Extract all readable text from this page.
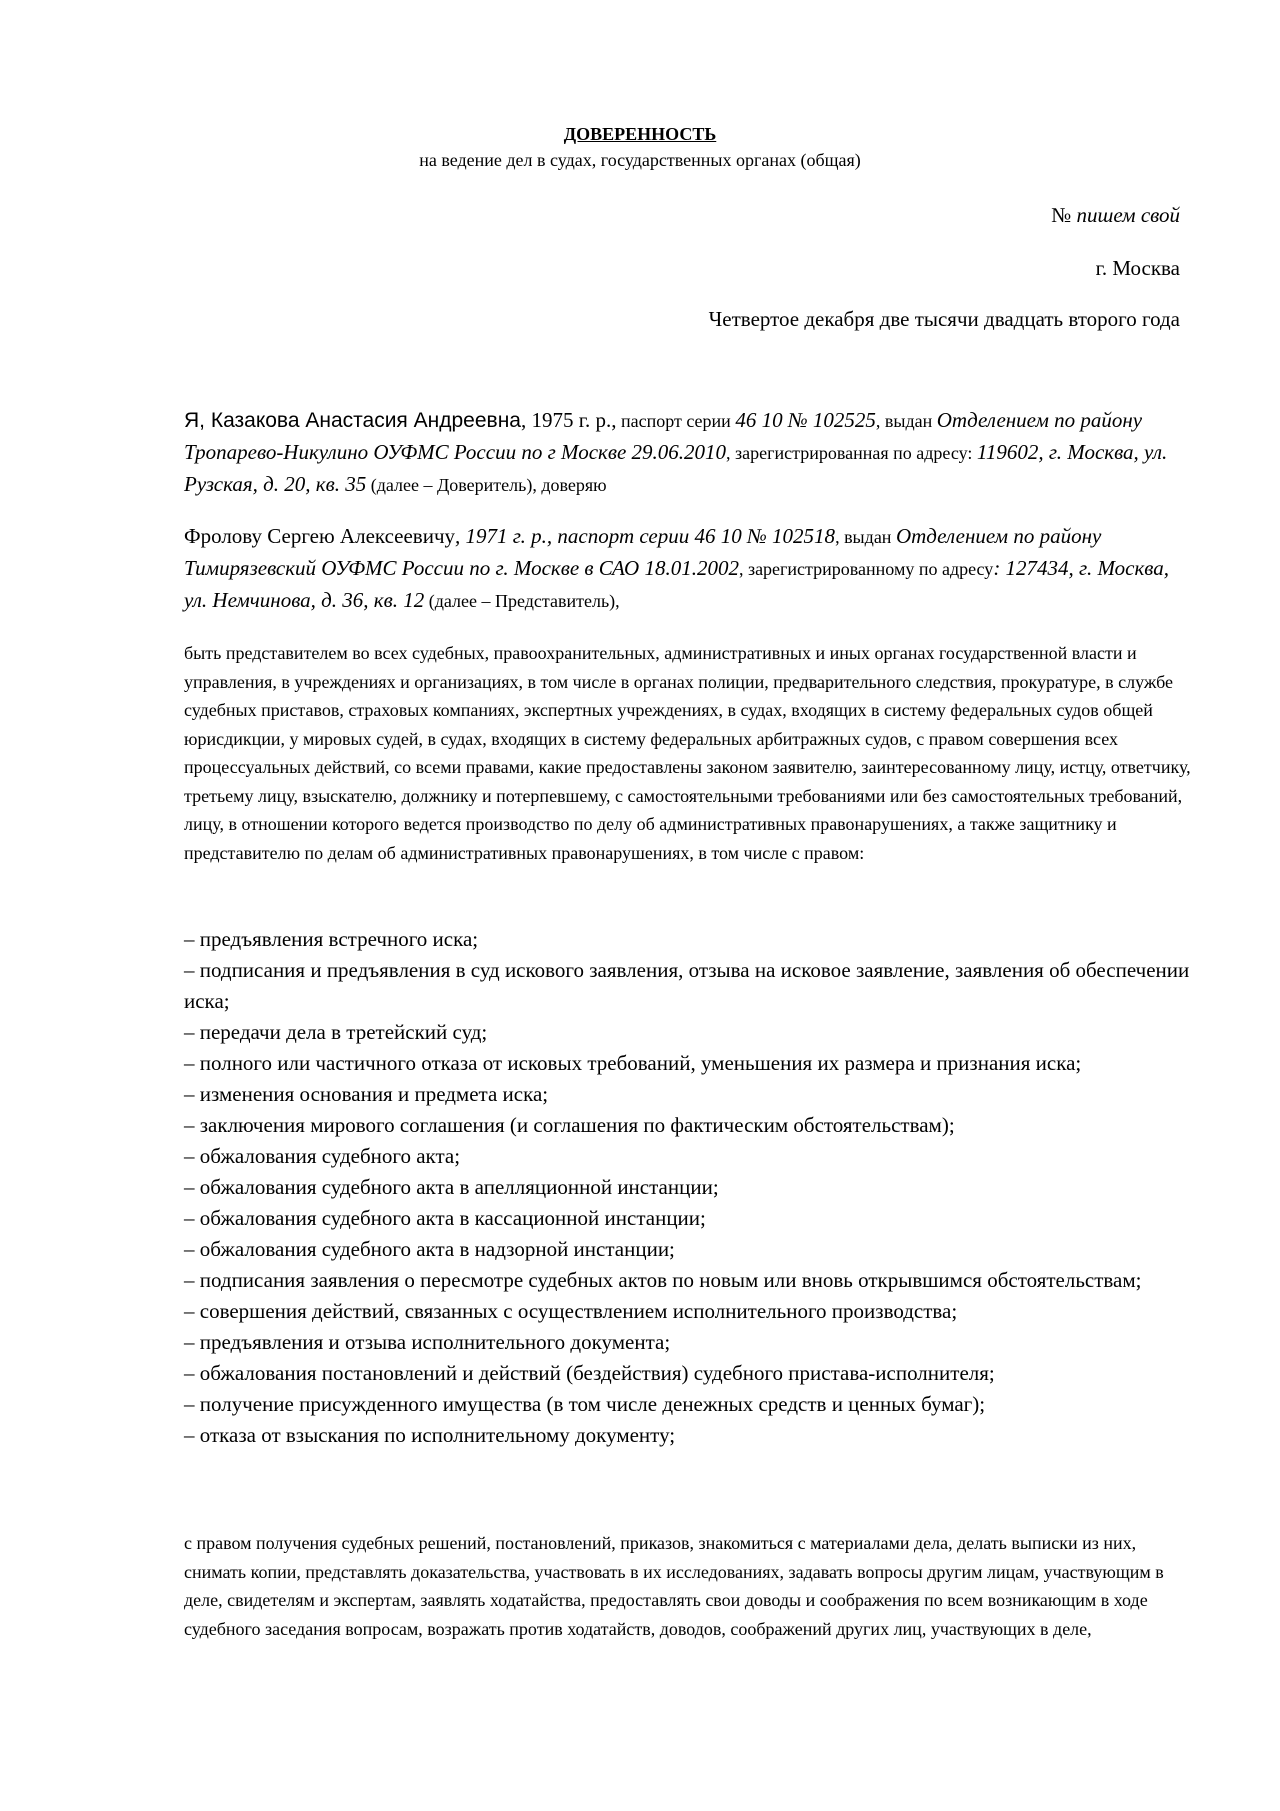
ДОВЕРЕННОСТЬ
на ведение дел в судах, государственных органах (общая)
№ пишем свой
г. Москва
Четвертое декабря две тысячи двадцать второго года
Я, Казакова Анастасия Андреевна, 1975 г. р., паспорт серии 46 10 № 102525, выдан Отделением по району Тропарево-Никулино ОУФМС России по г Москве 29.06.2010, зарегистрированная по адресу: 119602, г. Москва, ул. Рузская, д. 20, кв. 35 (далее – Доверитель), доверяю
Фролову Сергею Алексеевичу, 1971 г. р., паспорт серии 46 10 № 102518, выдан Отделением по району Тимирязевский ОУФМС России по г. Москве в САО 18.01.2002, зарегистрированному по адресу: 127434, г. Москва, ул. Немчинова, д. 36, кв. 12 (далее – Представитель),
быть представителем во всех судебных, правоохранительных, административных и иных органах государственной власти и управления, в учреждениях и организациях, в том числе в органах полиции, предварительного следствия, прокуратуре, в службе судебных приставов, страховых компаниях, экспертных учреждениях, в судах, входящих в систему федеральных судов общей юрисдикции, у мировых судей, в судах, входящих в систему федеральных арбитражных судов, с правом совершения всех процессуальных действий, со всеми правами, какие предоставлены законом заявителю, заинтересованному лицу, истцу, ответчику, третьему лицу, взыскателю, должнику и потерпевшему, с самостоятельными требованиями или без самостоятельных требований, лицу, в отношении которого ведется производство по делу об административных правонарушениях, а также защитнику и представителю по делам об административных правонарушениях, в том числе с правом:
– предъявления встречного иска;
– подписания и предъявления в суд искового заявления, отзыва на исковое заявление, заявления об обеспечении иска;
– передачи дела в третейский суд;
– полного или частичного отказа от исковых требований, уменьшения их размера и признания иска;
– изменения основания и предмета иска;
– заключения мирового соглашения (и соглашения по фактическим обстоятельствам);
– обжалования судебного акта;
– обжалования судебного акта в апелляционной инстанции;
– обжалования судебного акта в кассационной инстанции;
– обжалования судебного акта в надзорной инстанции;
– подписания заявления о пересмотре судебных актов по новым или вновь открывшимся обстоятельствам;
– совершения действий, связанных с осуществлением исполнительного производства;
– предъявления и отзыва исполнительного документа;
– обжалования постановлений и действий (бездействия) судебного пристава-исполнителя;
– получение присужденного имущества (в том числе денежных средств и ценных бумаг);
– отказа от взыскания по исполнительному документу;
с правом получения судебных решений, постановлений, приказов, знакомиться с материалами дела, делать выписки из них, снимать копии, представлять доказательства, участвовать в их исследованиях, задавать вопросы другим лицам, участвующим в деле, свидетелям и экспертам, заявлять ходатайства, предоставлять свои доводы и соображения по всем возникающим в ходе судебного заседания вопросам, возражать против ходатайств, доводов, соображений других лиц, участвующих в деле,
